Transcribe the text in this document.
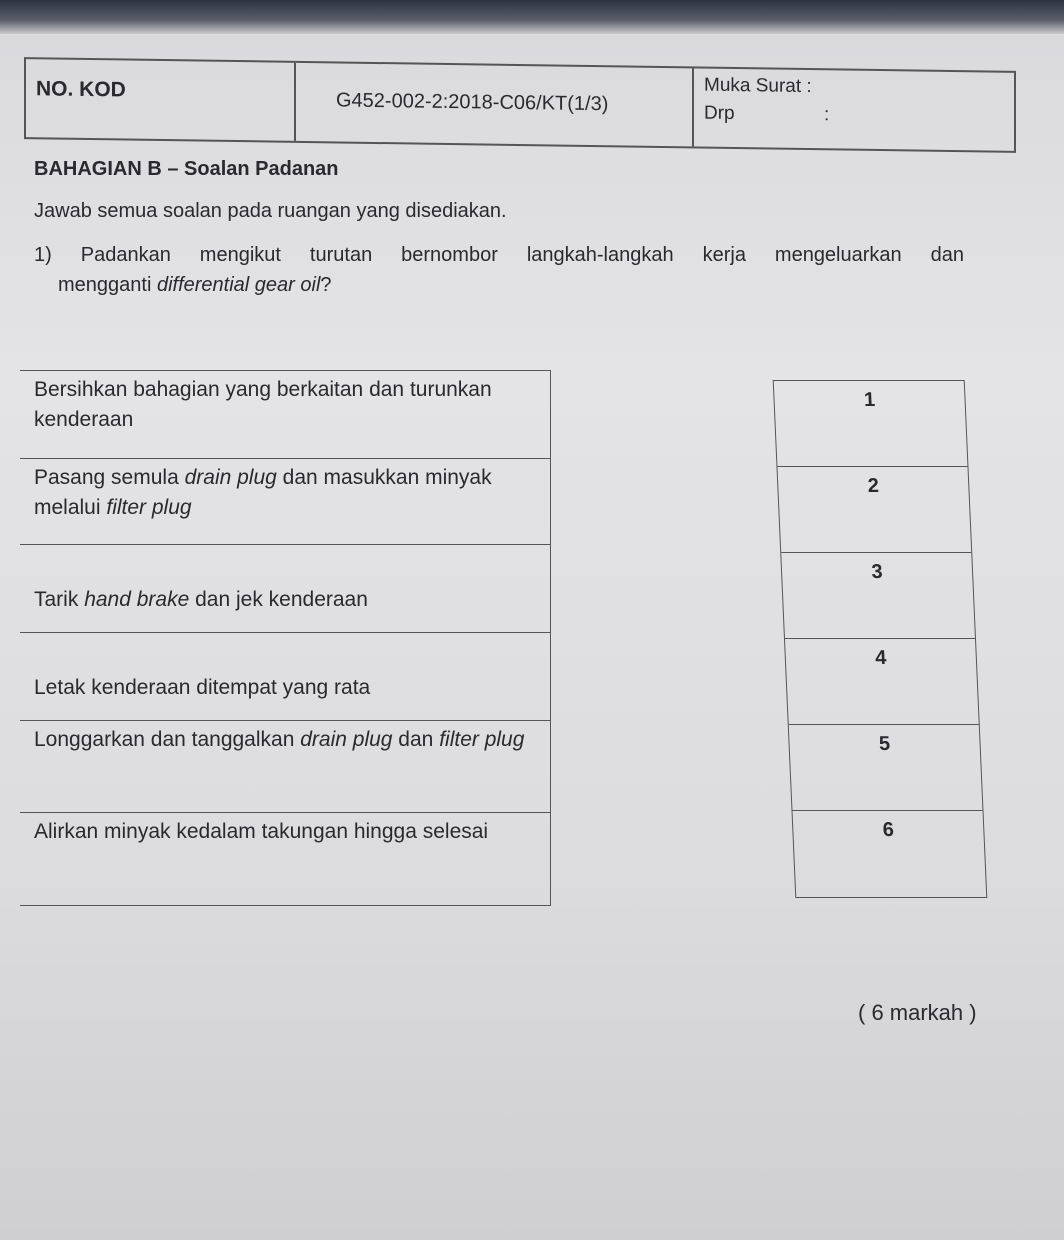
NO. KOD
G452-002-2:2018-C06/KT(1/3)
Muka Surat :
Drp	:
BAHAGIAN B – Soalan Padanan
Jawab semua soalan pada ruangan yang disediakan.
1) Padankan mengikut turutan bernombor langkah-langkah kerja mengeluarkan dan
mengganti differential gear oil?
Bersihkan bahagian yang berkaitan dan turunkan kenderaan
Pasang semula drain plug dan masukkan minyak melalui filter plug
Tarik hand brake dan jek kenderaan
Letak kenderaan ditempat yang rata
Longgarkan dan tanggalkan drain plug dan filter plug
Alirkan minyak kedalam takungan hingga selesai
1
2
3
4
5
6
( 6 markah )
